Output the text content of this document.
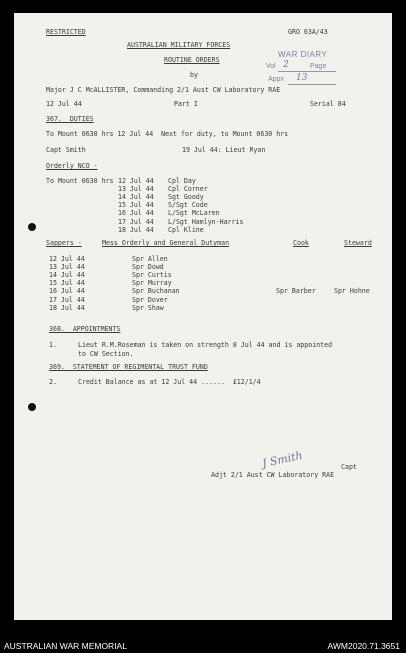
RESTRICTED	GRO 63A/43
WAR DIARY
Vol 2	Page
Appx 13
AUSTRALIAN MILITARY FORCES
ROUTINE ORDERS
by
Major J C McALLISTER, Commanding 2/1 Aust CW Laboratory RAE
12 Jul 44	Part I	Serial 84
367.  DUTIES
To Mount 0630 hrs 12 Jul 44  Next for duty, to Mount 0630 hrs
Capt Smith	19 Jul 44: Lieut Ryan
Orderly NCO -
To Mount 0630 hrs 12 Jul 44 Cpl Day
13 Jul 44 Cpl Corner
14 Jul 44 Sgt Goody
15 Jul 44 S/Sgt Code
16 Jul 44 L/Sgt McLaren
17 Jul 44 L/Sgt Hamlyn-Harris
18 Jul 44 Cpl Kline
Sappers -	Mess Orderly and General Dutyman	Cook	Steward
12 Jul 44	Spr Allen
13 Jul 44	Spr Dowd
14 Jul 44	Spr Curtis
15 Jul 44	Spr Murray
16 Jul 44	Spr Buchanan	Spr Barber	Spr Hohne
17 Jul 44	Spr Dover
18 Jul 44	Spr Shaw
368.  APPOINTMENTS
1.	Lieut R.M.Roseman is taken on strength 8 Jul 44 and is appointed
to CW Section.
369.  STATEMENT OF REGIMENTAL TRUST FUND
2.	Credit Balance as at 12 Jul 44 ......  £12/1/4
J Smith	Capt
Adjt 2/1 Aust CW Laboratory RAE
AUSTRALIAN WAR MEMORIAL	AWM2020.71.3651
